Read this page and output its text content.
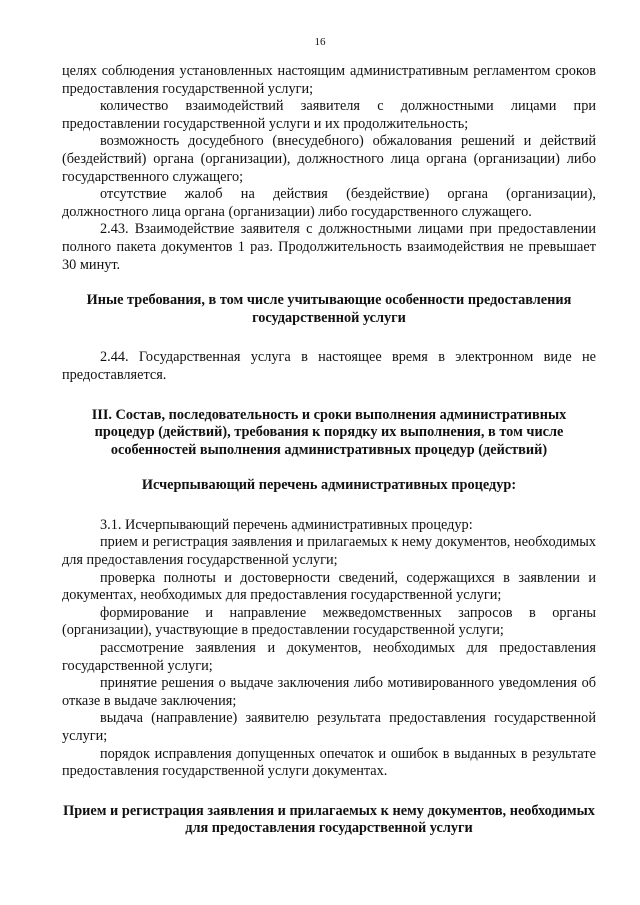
16

целях соблюдения установленных настоящим административным регламентом сроков предоставления государственной услуги;

количество взаимодействий заявителя с должностными лицами при предоставлении государственной услуги и их продолжительность;

возможность досудебного (внесудебного) обжалования решений и действий (бездействий) органа (организации), должностного лица органа (организации) либо государственного служащего;

отсутствие жалоб на действия (бездействие) органа (организации), должностного лица органа (организации) либо государственного служащего.

2.43. Взаимодействие заявителя с должностными лицами при предоставлении полного пакета документов 1 раз. Продолжительность взаимодействия не превышает 30 минут.

Иные требования, в том числе учитывающие особенности предоставления государственной услуги

2.44. Государственная услуга в настоящее время в электронном виде не предоставляется.

III. Состав, последовательность и сроки выполнения административных процедур (действий), требования к порядку их выполнения, в том числе особенностей выполнения административных процедур (действий)

Исчерпывающий перечень административных процедур:

3.1. Исчерпывающий перечень административных процедур:

прием и регистрация заявления и прилагаемых к нему документов, необходимых для предоставления государственной услуги;

проверка полноты и достоверности сведений, содержащихся в заявлении и документах, необходимых для предоставления государственной услуги;

формирование и направление межведомственных запросов в органы (организации), участвующие в предоставлении государственной услуги;

рассмотрение заявления и документов, необходимых для предоставления государственной услуги;

принятие решения о выдаче заключения либо мотивированного уведомления об отказе в выдаче заключения;

выдача (направление) заявителю результата предоставления государственной услуги;

порядок исправления допущенных опечаток и ошибок в выданных в результате предоставления государственной услуги документах.

Прием и регистрация заявления и прилагаемых к нему документов, необходимых для предоставления государственной услуги
